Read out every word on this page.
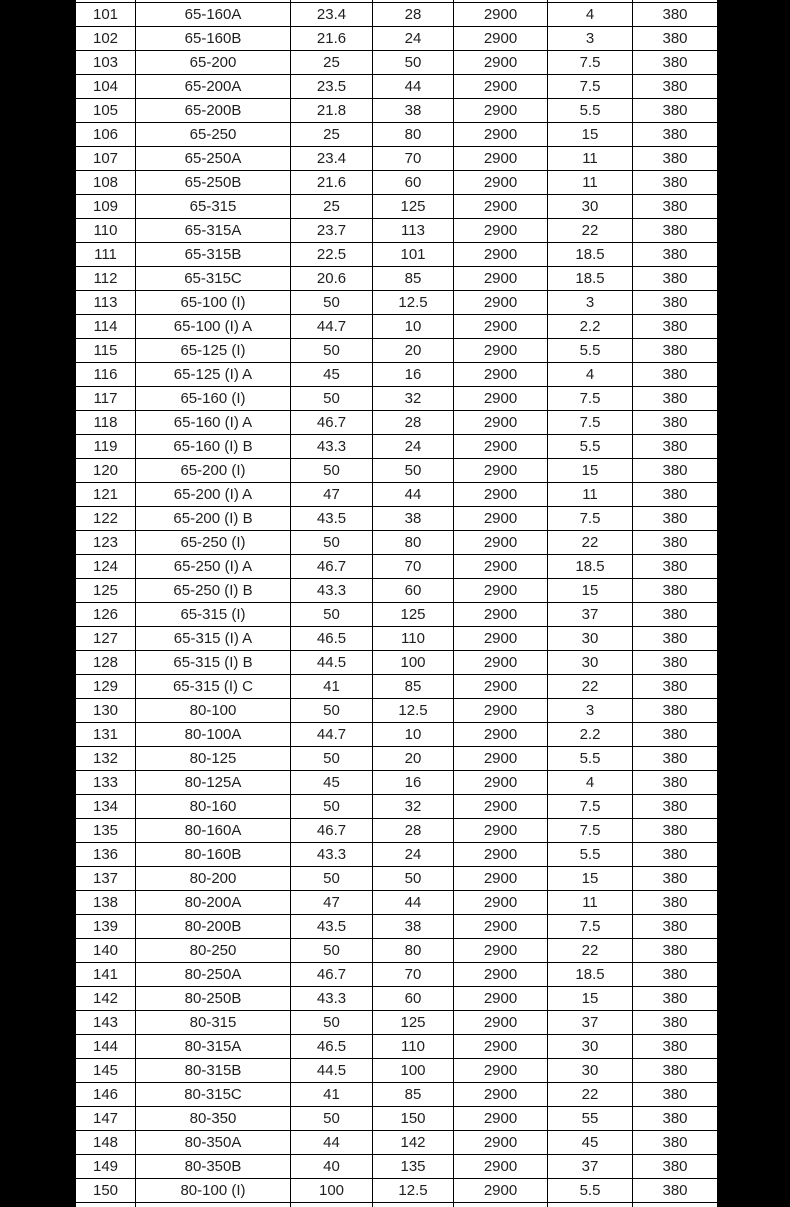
101	65-160A	23.4	28	2900	4	380
102	65-160B	21.6	24	2900	3	380
103	65-200	25	50	2900	7.5	380
104	65-200A	23.5	44	2900	7.5	380
105	65-200B	21.8	38	2900	5.5	380
106	65-250	25	80	2900	15	380
107	65-250A	23.4	70	2900	11	380
108	65-250B	21.6	60	2900	11	380
109	65-315	25	125	2900	30	380
110	65-315A	23.7	113	2900	22	380
111	65-315B	22.5	101	2900	18.5	380
112	65-315C	20.6	85	2900	18.5	380
113	65-100 (I)	50	12.5	2900	3	380
114	65-100 (I) A	44.7	10	2900	2.2	380
115	65-125 (I)	50	20	2900	5.5	380
116	65-125 (I) A	45	16	2900	4	380
117	65-160 (I)	50	32	2900	7.5	380
118	65-160 (I) A	46.7	28	2900	7.5	380
119	65-160 (I) B	43.3	24	2900	5.5	380
120	65-200 (I)	50	50	2900	15	380
121	65-200 (I) A	47	44	2900	11	380
122	65-200 (I) B	43.5	38	2900	7.5	380
123	65-250 (I)	50	80	2900	22	380
124	65-250 (I) A	46.7	70	2900	18.5	380
125	65-250 (I) B	43.3	60	2900	15	380
126	65-315 (I)	50	125	2900	37	380
127	65-315 (I) A	46.5	110	2900	30	380
128	65-315 (I) B	44.5	100	2900	30	380
129	65-315 (I) C	41	85	2900	22	380
130	80-100	50	12.5	2900	3	380
131	80-100A	44.7	10	2900	2.2	380
132	80-125	50	20	2900	5.5	380
133	80-125A	45	16	2900	4	380
134	80-160	50	32	2900	7.5	380
135	80-160A	46.7	28	2900	7.5	380
136	80-160B	43.3	24	2900	5.5	380
137	80-200	50	50	2900	15	380
138	80-200A	47	44	2900	11	380
139	80-200B	43.5	38	2900	7.5	380
140	80-250	50	80	2900	22	380
141	80-250A	46.7	70	2900	18.5	380
142	80-250B	43.3	60	2900	15	380
143	80-315	50	125	2900	37	380
144	80-315A	46.5	110	2900	30	380
145	80-315B	44.5	100	2900	30	380
146	80-315C	41	85	2900	22	380
147	80-350	50	150	2900	55	380
148	80-350A	44	142	2900	45	380
149	80-350B	40	135	2900	37	380
150	80-100 (I)	100	12.5	2900	5.5	380
